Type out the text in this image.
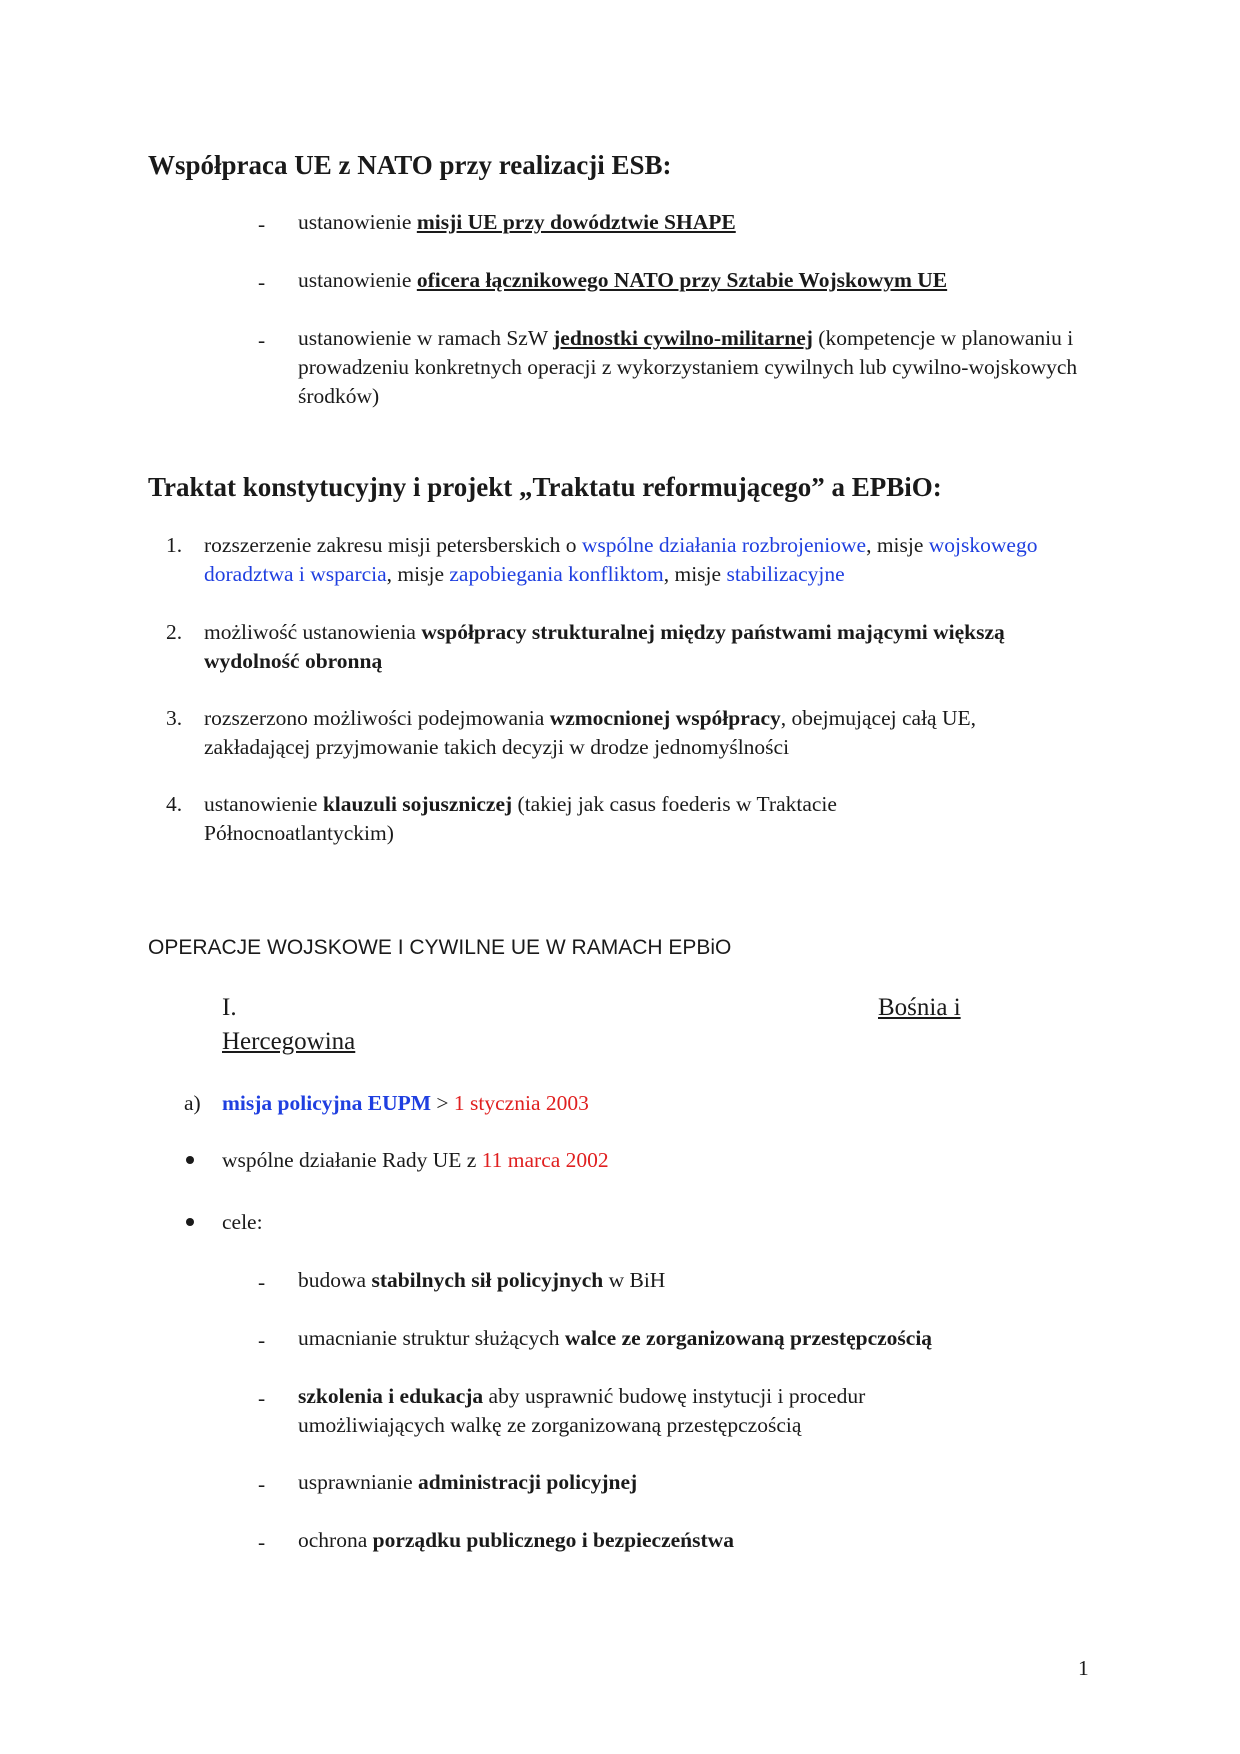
Współpraca UE z NATO przy realizacji ESB:
- ustanowienie misji UE przy dowództwie SHAPE
- ustanowienie oficera łącznikowego NATO przy Sztabie Wojskowym UE
- ustanowienie w ramach SzW jednostki cywilno-militarnej (kompetencje w planowaniu i prowadzeniu konkretnych operacji z wykorzystaniem cywilnych lub cywilno-wojskowych środków)
Traktat konstytucyjny i projekt „Traktatu reformującego” a EPBiO:
1. rozszerzenie zakresu misji petersberskich o wspólne działania rozbrojeniowe, misje wojskowego doradztwa i wsparcia, misje zapobiegania konfliktom, misje stabilizacyjne
2. możliwość ustanowienia współpracy strukturalnej między państwami mającymi większą wydolność obronną
3. rozszerzono możliwości podejmowania wzmocnionej współpracy, obejmującej całą UE, zakładającej przyjmowanie takich decyzji w drodze jednomyślności
4. ustanowienie klauzuli sojuszniczej (takiej jak casus foederis w Traktacie Północnoatlantyckim)
OPERACJE WOJSKOWE I CYWILNE UE W RAMACH EPBiO
I.	Bośnia i
Hercegowina
a) misja policyjna EUPM > 1 stycznia 2003
wspólne działanie Rady UE z 11 marca 2002
cele:
- budowa stabilnych sił policyjnych w BiH
- umacnianie struktur służących walce ze zorganizowaną przestępczością
- szkolenia i edukacja aby usprawnić budowę instytucji i procedur umożliwiających walkę ze zorganizowaną przestępczością
- usprawnianie administracji policyjnej
- ochrona porządku publicznego i bezpieczeństwa
1
